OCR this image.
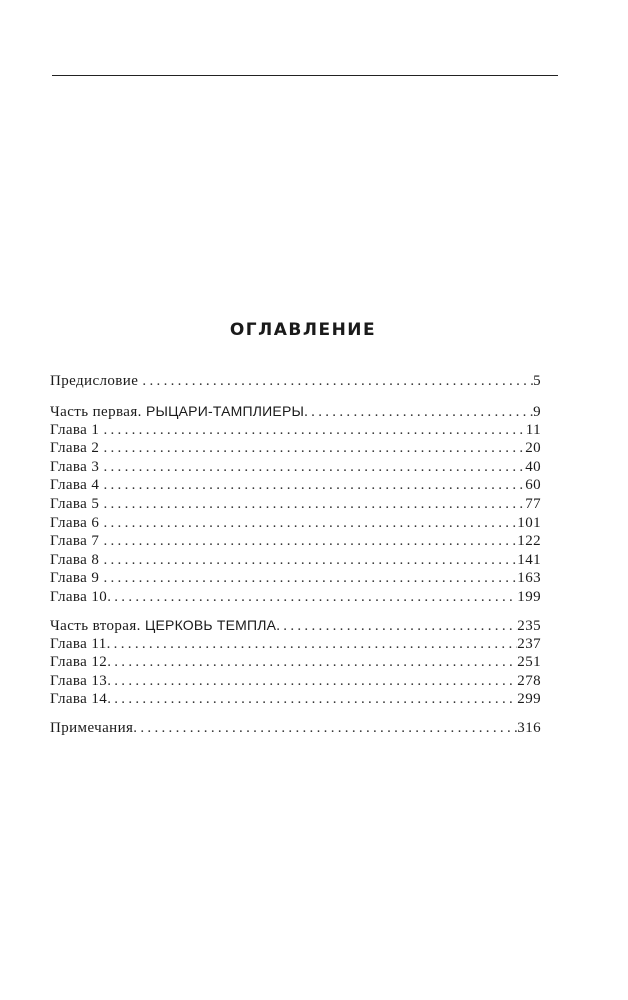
ОГЛАВЛЕНИЕ
Предисловие .....	5
Часть первая. РЫЦАРИ-ТАМПЛИЕРЫ .....	9
Глава 1 .....	11
Глава 2 .....	20
Глава 3 .....	40
Глава 4 .....	60
Глава 5 .....	77
Глава 6 .....	101
Глава 7 .....	122
Глава 8 .....	141
Глава 9 .....	163
Глава 10 .....	199
Часть вторая. ЦЕРКОВЬ ТЕМПЛА .....	235
Глава 11 .....	237
Глава 12 .....	251
Глава 13 .....	278
Глава 14 .....	299
Примечания .....	316
